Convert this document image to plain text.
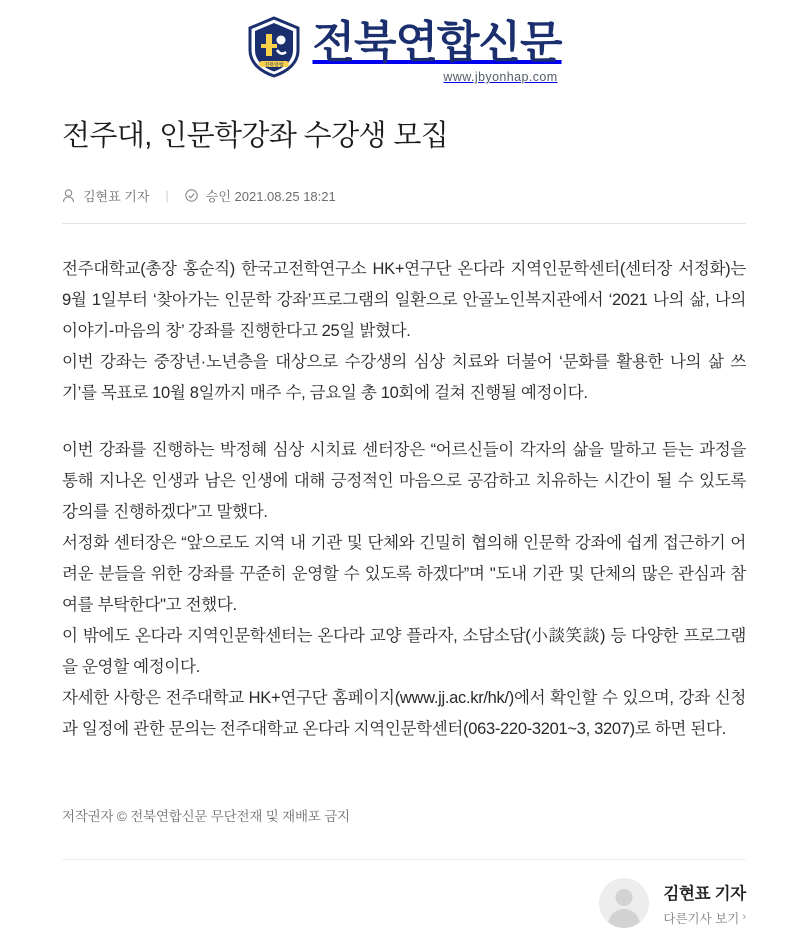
전북연합 전북연합신문
www.jbyonhap.com
전주대, 인문학강좌 수강생 모집
김현표 기자 |	승인 2021.08.25 18:21

전주대학교(총장 홍순직) 한국고전학연구소 HK+연구단 온다라 지역인문학센터(센터장 서정화)는 9월 1일부터 ‘찾아가는 인문학 강좌’프로그램의 일환으로 안골노인복지관에서 ‘2021 나의 삶, 나의 이야기-마음의 창’ 강좌를 진행한다고 25일 밝혔다.

이번 강좌는 중장년·노년층을 대상으로 수강생의 심상 치료와 더불어 ‘문화를 활용한 나의 삶 쓰기’를 목표로 10월 8일까지 매주 수, 금요일 총 10회에 걸쳐 진행될 예정이다.

이번 강좌를 진행하는 박정혜 심상 시치료 센터장은 “어르신들이 각자의 삶을 말하고 듣는 과정을 통해 지나온 인생과 남은 인생에 대해 긍정적인 마음으로 공감하고 치유하는 시간이 될 수 있도록 강의를 진행하겠다”고 말했다.

서정화 센터장은 “앞으로도 지역 내 기관 및 단체와 긴밀히 협의해 인문학 강좌에 쉽게 접근하기 어려운 분들을 위한 강좌를 꾸준히 운영할 수 있도록 하겠다”며 "도내 기관 및 단체의 많은 관심과 참여를 부탁한다"고 전했다.

이 밖에도 온다라 지역인문학센터는 온다라 교양 플라자, 소담소담(小談笑談) 등 다양한 프로그램을 운영할 예정이다.

자세한 사항은 전주대학교 HK+연구단 홈페이지(www.jj.ac.kr/hk/)에서 확인할 수 있으며, 강좌 신청과 일정에 관한 문의는 전주대학교 온다라 지역인문학센터(063-220-3201~3, 3207)로 하면 된다.

저작권자 © 전북연합신문 무단전재 및 재배포 금지
김현표 기자
다른기사 보기 ›
